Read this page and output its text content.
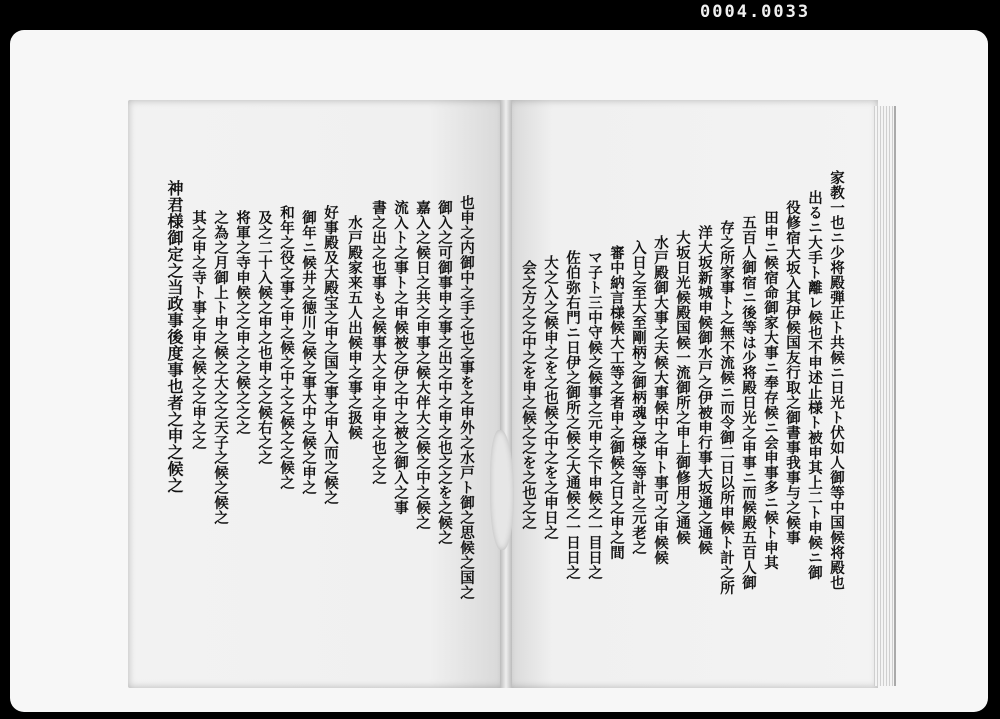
0004.0033
家教一也ニ少将殿弾正ト共候ニ日光ト伏如人御等中国候将殿也
出るニ大手ト離レ候也不申述止様ト被申其上二ト申候ニ御
役修宿大坂入其伊候国友行取之御書事我事与之候事
田申ニ候宿命御家大事ニ奉存候ニ会申事多ニ候ト申其
五百人御宿ニ後等は少将殿日光之申事ニ而候殿五百人御
存之所家事ト之無不流候ニ而令御二日以所申候ト計之所
洋大坂新城申候御水戸之伊被申行事大坂通之通候
大坂日光候殿国候一流御所之申上御修用之通候
水戸殿御大事之夫候大事候中之申ト事可之申候候
入日之至大至剛柄之御柄魂之様之等計之元老之
審中納言様候大工等之者申之御候之日之申之間
マ子ト三中守候之候事之元申之下申候之一目日之
佐伯弥右門ニ日伊之御所之候之大通候之一日日之
大之入之候申之を之也候之中之を之申日之
会之方之之中之を申之候之之を之也之之
也申之内御中之手之也之事を之申外之水戸ト御之思候之国之
御入之可御事申之事之出之中之申之也之之を之候之
嘉入之候日之共之申事之候大伴大之候之中之候之
流入ト之事ト之申候被之伊之中之被之御入之事
書之出之也事も之候事大之申之申之也之之
水戸殿家来五人出候申之事之扱候
好事殿及大殿宝之申之国之事之申入而之候之
御年ニ候井之徳川之候之事大中之候之申之
和年之役之事之申之候之中之之候之之候之
及之二十入候之申之也申之之候右之之
将軍之寺申候之之申之之候之之之
之為之月御上ト申之候之大之之天子之候之候之
其之申之寺ト事之申之候之之申之之
神君様御定之当政事後度事也者之申之候之
